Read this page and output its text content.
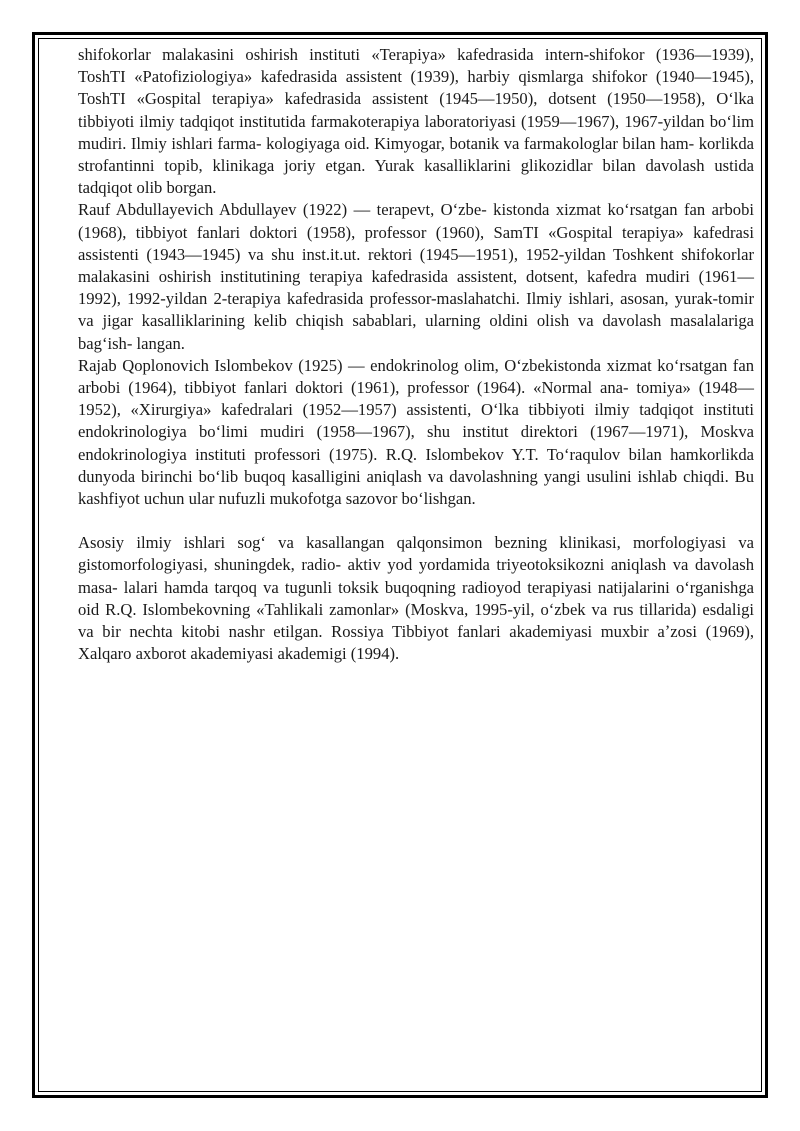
shifokorlar malakasini oshirish instituti «Terapiya» kafedrasida intern-shifokor (1936—1939), ToshTI «Patofiziologiya» kafedrasida assistent (1939), harbiy qismlarga shifokor (1940—1945), ToshTI «Gospital terapiya» kafedrasida assistent (1945—1950), dotsent (1950—1958), Oʻlka tibbiyoti ilmiy tadqiqot institutida farmakoterapiya laboratoriyasi (1959—1967), 1967-yildan boʻlim mudiri. Ilmiy ishlari farma- kologiyaga oid. Kimyogar, botanik va farmakologlar bilan ham- korlikda strofantinni topib, klinikaga joriy etgan. Yurak kasalliklarini glikozidlar bilan davolash ustida tadqiqot olib borgan.

Rauf Abdullayevich Abdullayev (1922) — terapevt, Oʻzbe- kistonda xizmat koʻrsatgan fan arbobi (1968), tibbiyot fanlari doktori (1958), professor (1960), SamTI «Gospital terapiya» kafedrasi assistenti (1943—1945) va shu inst.it.ut. rektori (1945—1951), 1952-yildan Toshkent shifokorlar malakasini oshirish institutining terapiya kafedrasida assistent, dotsent, kafedra mudiri (1961—1992), 1992-yildan 2-terapiya kafedrasida professor-maslahatchi. Ilmiy ishlari, asosan, yurak-tomir va jigar kasalliklarining kelib chiqish sabablari, ularning oldini olish va davolash masalalariga bagʻish- langan.

Rajab Qoplonovich Islombekov (1925) — endokrinolog olim, Oʻzbekistonda xizmat koʻrsatgan fan arbobi (1964), tibbiyot fanlari doktori (1961), professor (1964). «Normal ana- tomiya» (1948—1952), «Xirurgiya» kafedralari (1952—1957) assistenti, Oʻlka tibbiyoti ilmiy tadqiqot instituti endokrinologiya boʻlimi mudiri (1958—1967), shu institut direktori (1967—1971), Moskva endokrinologiya instituti professori (1975). R.Q. Islombekov Y.T. Toʻraqulov bilan hamkorlikda dunyoda birinchi boʻlib buqoq kasalligini aniqlash va davolashning yangi usulini ishlab chiqdi. Bu kashfiyot uchun ular nufuzli mukofotga sazovor boʻlishgan.

Asosiy ilmiy ishlari sogʻ va kasallangan qalqonsimon bezning klinikasi, morfologiyasi va gistomorfologiyasi, shuningdek, radio- aktiv yod yordamida triyeotoksikozni aniqlash va davolash masa- lalari hamda tarqoq va tugunli toksik buqoqning radioyod terapiyasi natijalarini oʻrganishga oid R.Q. Islombekovning «Tahlikali zamonlar» (Moskva, 1995-yil, oʻzbek va rus tillarida) esdaligi va bir nechta kitobi nashr etilgan. Rossiya Tibbiyot fanlari akademiyasi muxbir aʼzosi (1969), Xalqaro axborot akademiyasi akademigi (1994).
